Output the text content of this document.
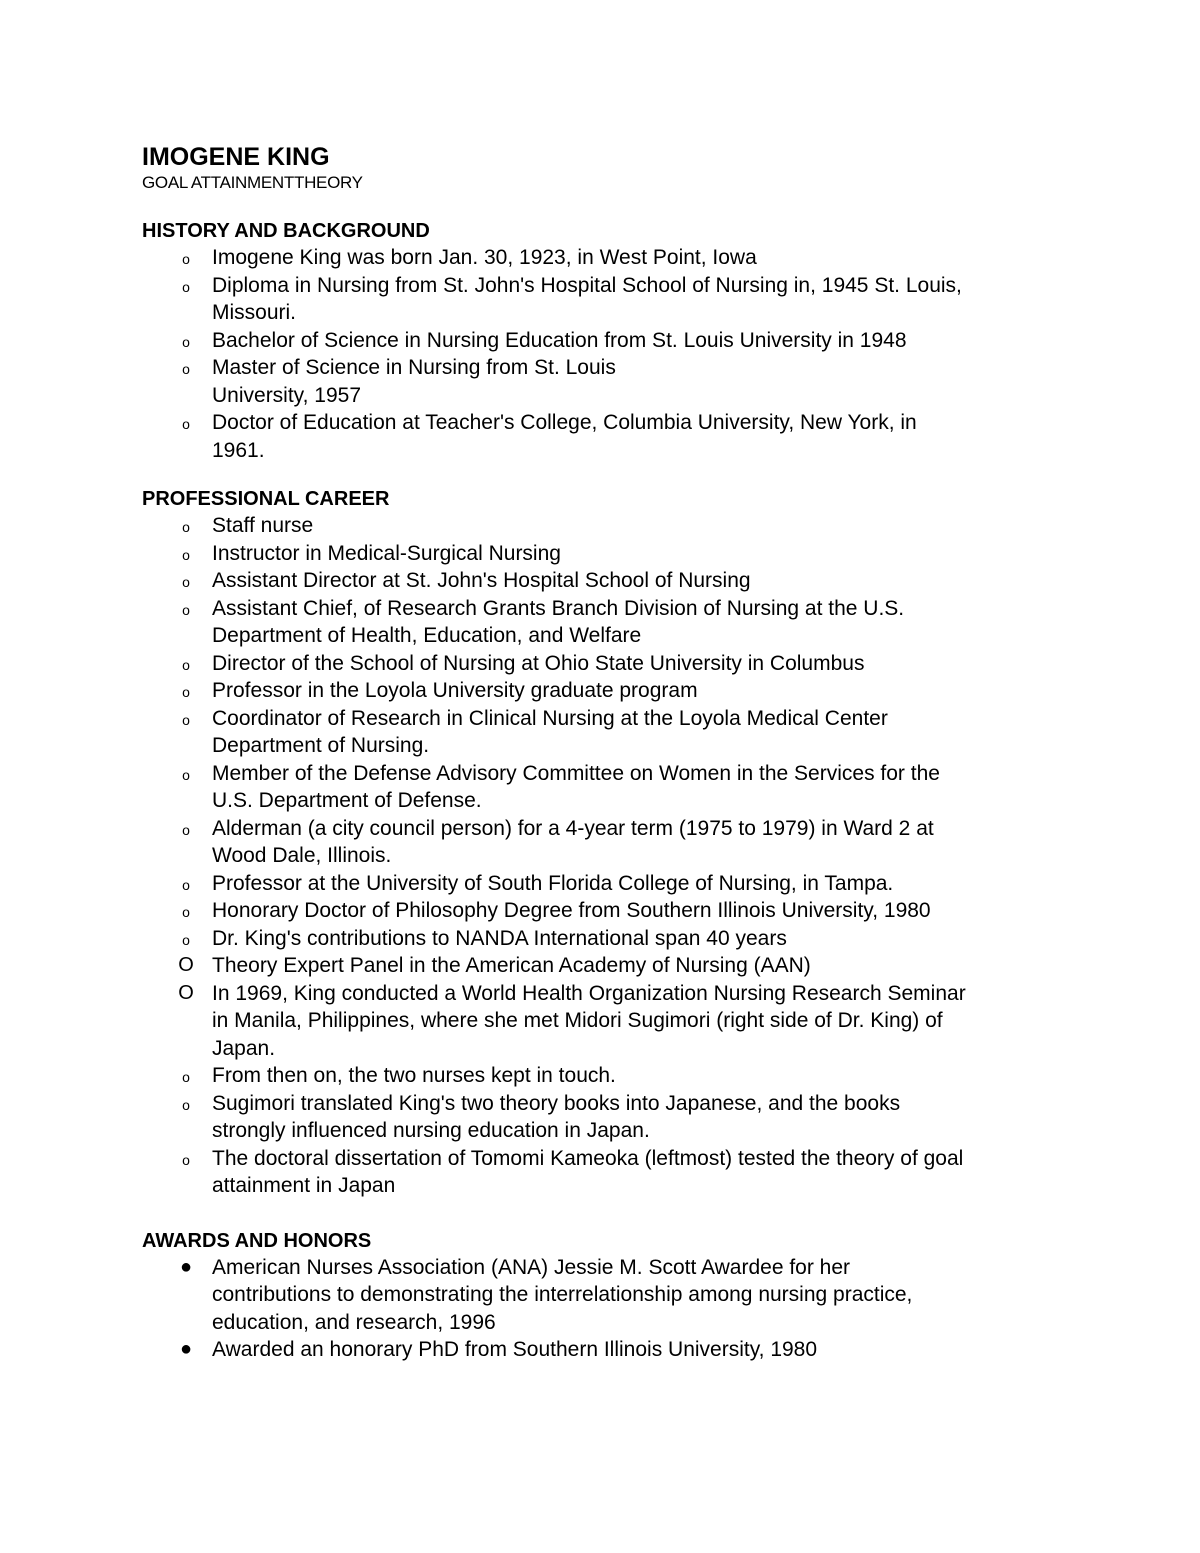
IMOGENE KING

GOAL ATTAINMENTTHEORY

HISTORY AND BACKGROUND
o Imogene King was born Jan. 30, 1923, in West Point, Iowa
o Diploma in Nursing from St. John's Hospital School of Nursing in, 1945 St. Louis,
Missouri.
o Bachelor of Science in Nursing Education from St. Louis University in 1948
o Master of Science in Nursing from St. Louis
University, 1957
o Doctor of Education at Teacher's College, Columbia University, New York, in
1961.
PROFESSIONAL CAREER
o Staff nurse
o Instructor in Medical-Surgical Nursing
o Assistant Director at St. John's Hospital School of Nursing
o Assistant Chief, of Research Grants Branch Division of Nursing at the U.S.
Department of Health, Education, and Welfare
o Director of the School of Nursing at Ohio State University in Columbus
o Professor in the Loyola University graduate program
o Coordinator of Research in Clinical Nursing at the Loyola Medical Center
Department of Nursing.
o Member of the Defense Advisory Committee on Women in the Services for the
U.S. Department of Defense.
o Alderman (a city council person) for a 4-year term (1975 to 1979) in Ward 2 at
Wood Dale, Illinois.
o Professor at the University of South Florida College of Nursing, in Tampa.
o Honorary Doctor of Philosophy Degree from Southern Illinois University, 1980
o Dr. King's contributions to NANDA International span 40 years
O Theory Expert Panel in the American Academy of Nursing (AAN)
O In 1969, King conducted a World Health Organization Nursing Research Seminar
in Manila, Philippines, where she met Midori Sugimori (right side of Dr. King) of
Japan.
o From then on, the two nurses kept in touch.
o Sugimori translated King's two theory books into Japanese, and the books
strongly influenced nursing education in Japan.
o The doctoral dissertation of Tomomi Kameoka (leftmost) tested the theory of goal
attainment in Japan
AWARDS AND HONORS
● American Nurses Association (ANA) Jessie M. Scott Awardee for her
contributions to demonstrating the interrelationship among nursing practice,
education, and research, 1996
● Awarded an honorary PhD from Southern Illinois University, 1980
